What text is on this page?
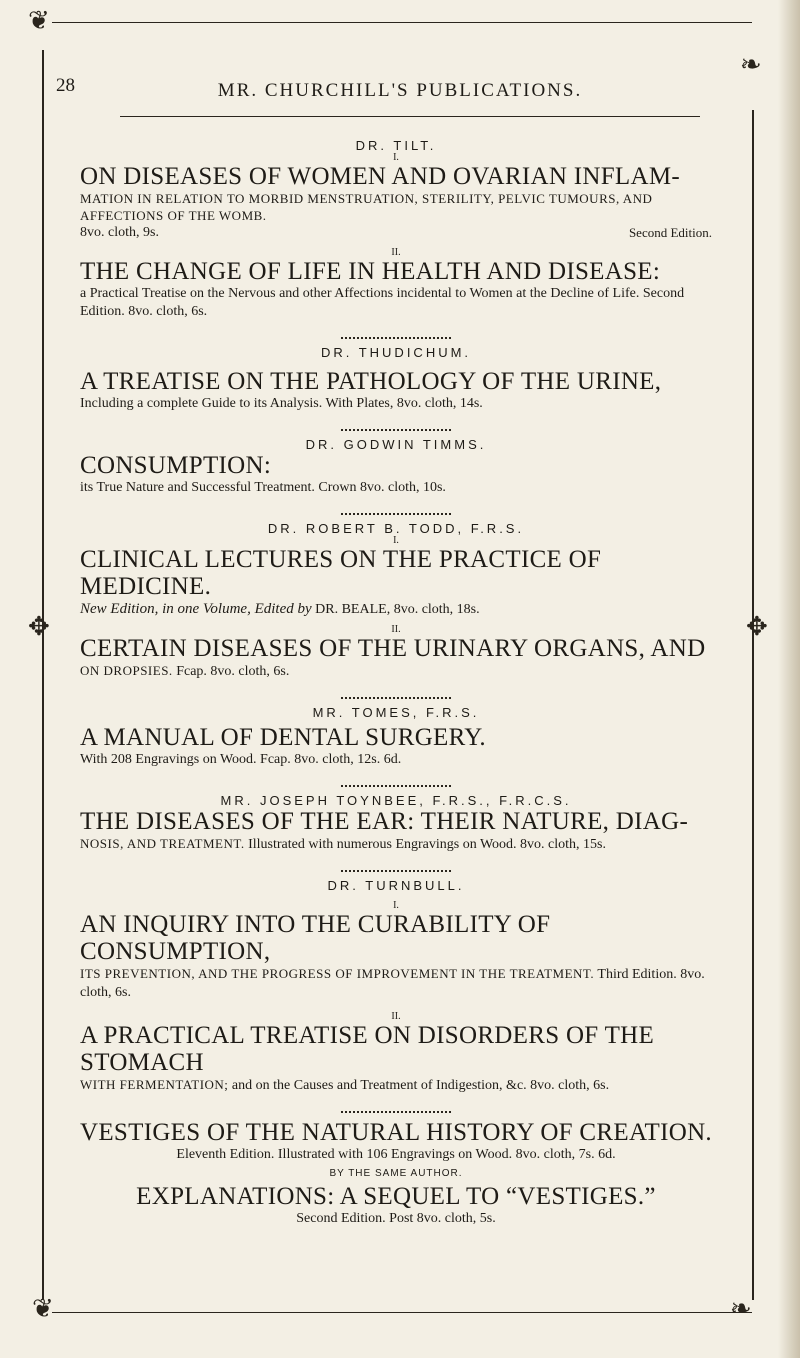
❦
❧
❦	❧
✥	✥
28	MR. CHURCHILL'S PUBLICATIONS.
DR. TILT.
I.

ON DISEASES OF WOMEN AND OVARIAN INFLAM-

MATION IN RELATION TO MORBID MENSTRUATION, STERILITY, PELVIC TUMOURS, AND AFFECTIONS OF THE WOMB.

8vo. cloth, 9s.	Second Edition.

II.

THE CHANGE OF LIFE IN HEALTH AND DISEASE:

a Practical Treatise on the Nervous and other Affections incidental to Women at the Decline of Life. Second Edition. 8vo. cloth, 6s.

DR. THUDICHUM.

A TREATISE ON THE PATHOLOGY OF THE URINE,

Including a complete Guide to its Analysis. With Plates, 8vo. cloth, 14s.

DR. GODWIN TIMMS.

CONSUMPTION:

its True Nature and Successful Treatment. Crown 8vo. cloth, 10s.

DR. ROBERT B. TODD, F.R.S.
I.

CLINICAL LECTURES ON THE PRACTICE OF MEDICINE.

New Edition, in one Volume, Edited by DR. BEALE, 8vo. cloth, 18s.

II.

CERTAIN DISEASES OF THE URINARY ORGANS, AND

ON DROPSIES. Fcap. 8vo. cloth, 6s.

MR. TOMES, F.R.S.

A MANUAL OF DENTAL SURGERY.

With 208 Engravings on Wood. Fcap. 8vo. cloth, 12s. 6d.

MR. JOSEPH TOYNBEE, F.R.S., F.R.C.S.

THE DISEASES OF THE EAR: THEIR NATURE, DIAG-

NOSIS, AND TREATMENT. Illustrated with numerous Engravings on Wood. 8vo. cloth, 15s.

DR. TURNBULL.
I.

AN INQUIRY INTO THE CURABILITY OF CONSUMPTION,

ITS PREVENTION, AND THE PROGRESS OF IMPROVEMENT IN THE TREATMENT. Third Edition. 8vo. cloth, 6s.

II.

A PRACTICAL TREATISE ON DISORDERS OF THE STOMACH

WITH FERMENTATION; and on the Causes and Treatment of Indigestion, &c. 8vo. cloth, 6s.

VESTIGES OF THE NATURAL HISTORY OF CREATION.

Eleventh Edition. Illustrated with 106 Engravings on Wood. 8vo. cloth, 7s. 6d.

BY THE SAME AUTHOR.

EXPLANATIONS: A SEQUEL TO “VESTIGES.”

Second Edition. Post 8vo. cloth, 5s.
